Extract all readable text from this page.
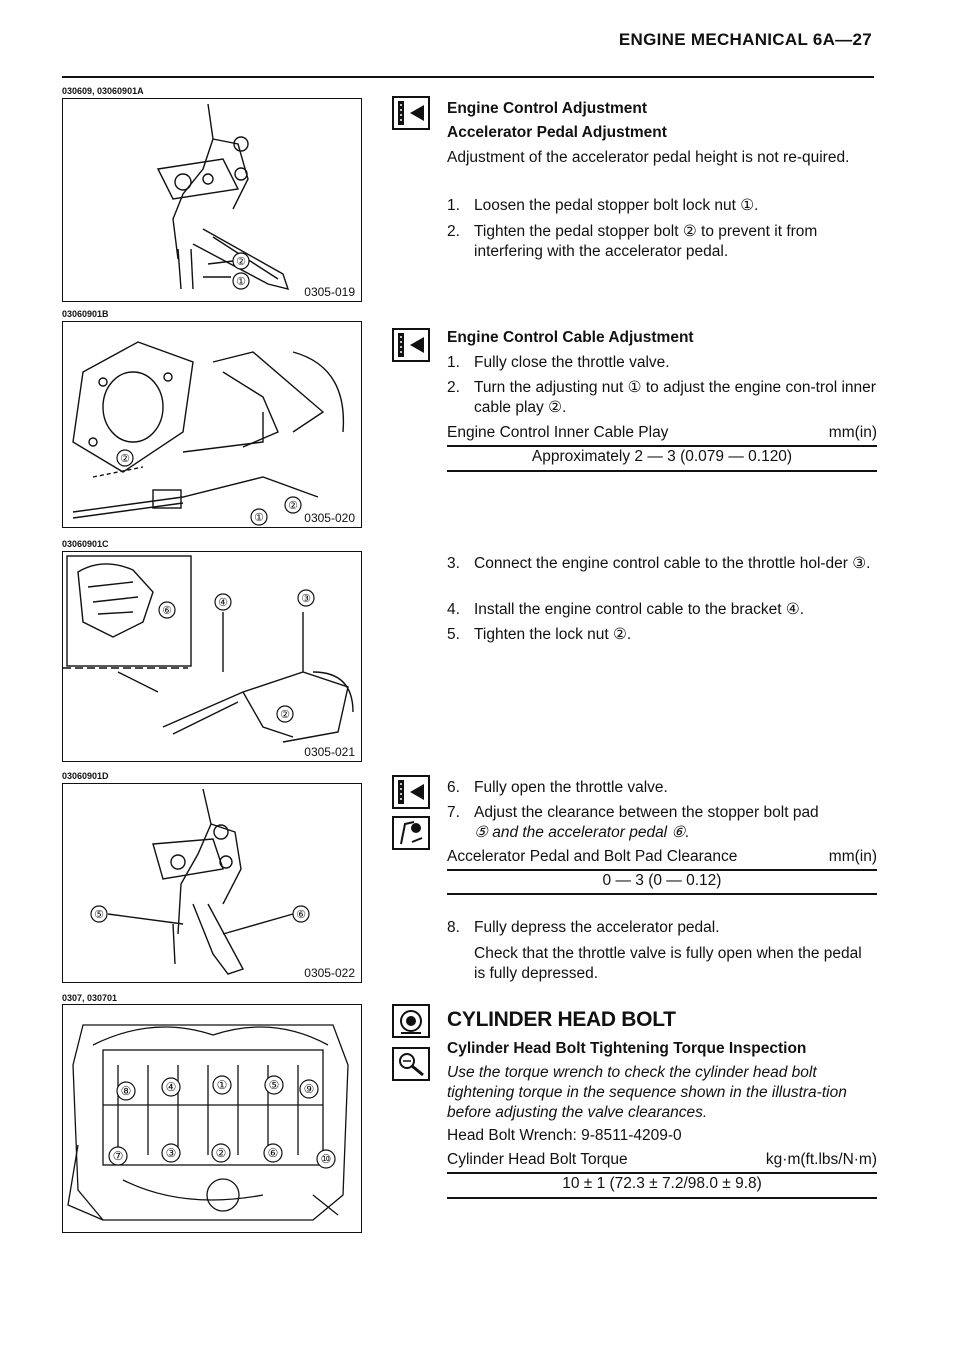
ENGINE MECHANICAL 6A—27
030609, 03060901A
②
①
0305-019
03060901B
②
②
①	0305-020
03060901C
④	③
⑥
②
0305-021
03060901D
⑤	⑥
0305-022
0307, 030701
⑧	④	①	⑤ ⑨
⑦	③	②	⑥	⑩
Engine Control Adjustment
Accelerator Pedal Adjustment
Adjustment of the accelerator pedal height is not re-quired.
1. Loosen the pedal stopper bolt lock nut ①.
2. Tighten the pedal stopper bolt ② to prevent it from interfering with the accelerator pedal.
Engine Control Cable Adjustment
1. Fully close the throttle valve.
2. Turn the adjusting nut ① to adjust the engine con-trol inner cable play ②.
Engine Control Inner Cable Play	mm(in)
Approximately 2 — 3 (0.079 — 0.120)
3. Connect the engine control cable to the throttle hol-der ③.
4. Install the engine control cable to the bracket ④.
5. Tighten the lock nut ②.
6. Fully open the throttle valve.
7. Adjust the clearance between the stopper bolt pad
⑤ and the accelerator pedal ⑥.
Accelerator Pedal and Bolt Pad Clearance	mm(in)
0 — 3 (0 — 0.12)
8. Fully depress the accelerator pedal.
Check that the throttle valve is fully open when the pedal is fully depressed.
CYLINDER HEAD BOLT
Cylinder Head Bolt Tightening Torque Inspection
Use the torque wrench to check the cylinder head bolt tightening torque in the sequence shown in the illustra-tion before adjusting the valve clearances.
Head Bolt Wrench: 9-8511-4209-0
Cylinder Head Bolt Torque	kg·m(ft.lbs/N·m)
10 ± 1 (72.3 ± 7.2/98.0 ± 9.8)
